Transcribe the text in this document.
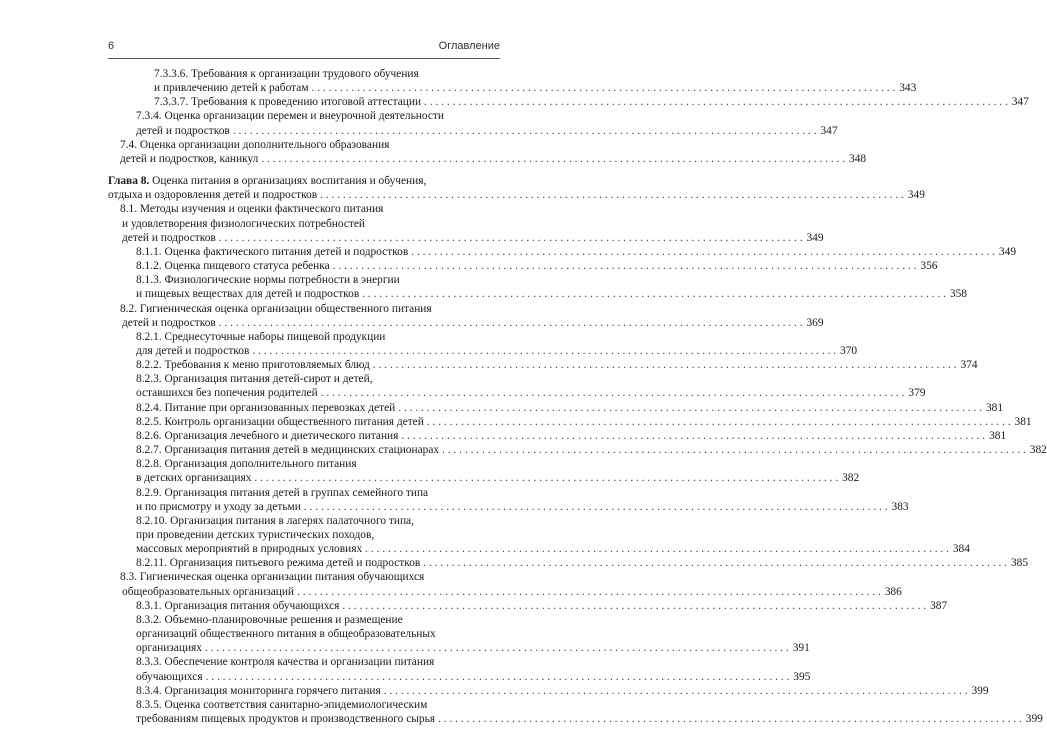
6	Оглавление
7.3.3.6. Требования к организации трудового обучения
и привлечению детей к работам . . .	343
7.3.3.7. Требования к проведению итоговой аттестации . . .	347
7.3.4. Оценка организации перемен и внеурочной деятельности
детей и подростков . . .	347
7.4. Оценка организации дополнительного образования
детей и подростков, каникул . . .	348
Глава 8. Оценка питания в организациях воспитания и обучения,
отдыха и оздоровления детей и подростков . . .	349
8.1. Методы изучения и оценки фактического питания
и удовлетворения физиологических потребностей
детей и подростков . . .	349
8.1.1. Оценка фактического питания детей и подростков . . .	349
8.1.2. Оценка пищевого статуса ребенка . . .	356
8.1.3. Физиологические нормы потребности в энергии
и пищевых веществах для детей и подростков . . .	358
8.2. Гигиеническая оценка организации общественного питания
детей и подростков . . .	369
8.2.1. Среднесуточные наборы пищевой продукции
для детей и подростков . . .	370
8.2.2. Требования к меню приготовляемых блюд . . .	374
8.2.3. Организация питания детей-сирот и детей,
оставшихся без попечения родителей . . .	379
8.2.4. Питание при организованных перевозках детей . . .	381
8.2.5. Контроль организации общественного питания детей . . .	381
8.2.6. Организация лечебного и диетического питания . . .	381
8.2.7. Организация питания детей в медицинских стационарах . . .	382
8.2.8. Организация дополнительного питания
в детских организациях . . .	382
8.2.9. Организация питания детей в группах семейного типа
и по присмотру и уходу за детьми . . .	383
8.2.10. Организация питания в лагерях палаточного типа,
при проведении детских туристических походов,
массовых мероприятий в природных условиях . . .	384
8.2.11. Организация питьевого режима детей и подростков . . .	385
8.3. Гигиеническая оценка организации питания обучающихся
общеобразовательных организаций . . .	386
8.3.1. Организация питания обучающихся . . .	387
8.3.2. Объемно-планировочные решения и размещение
организаций общественного питания в общеобразовательных
организациях . . .	391
8.3.3. Обеспечение контроля качества и организации питания
обучающихся . . .	395
8.3.4. Организация мониторинга горячего питания . . .	399
8.3.5. Оценка соответствия санитарно-эпидемиологическим
требованиям пищевых продуктов и производственного сырья . . .	399
